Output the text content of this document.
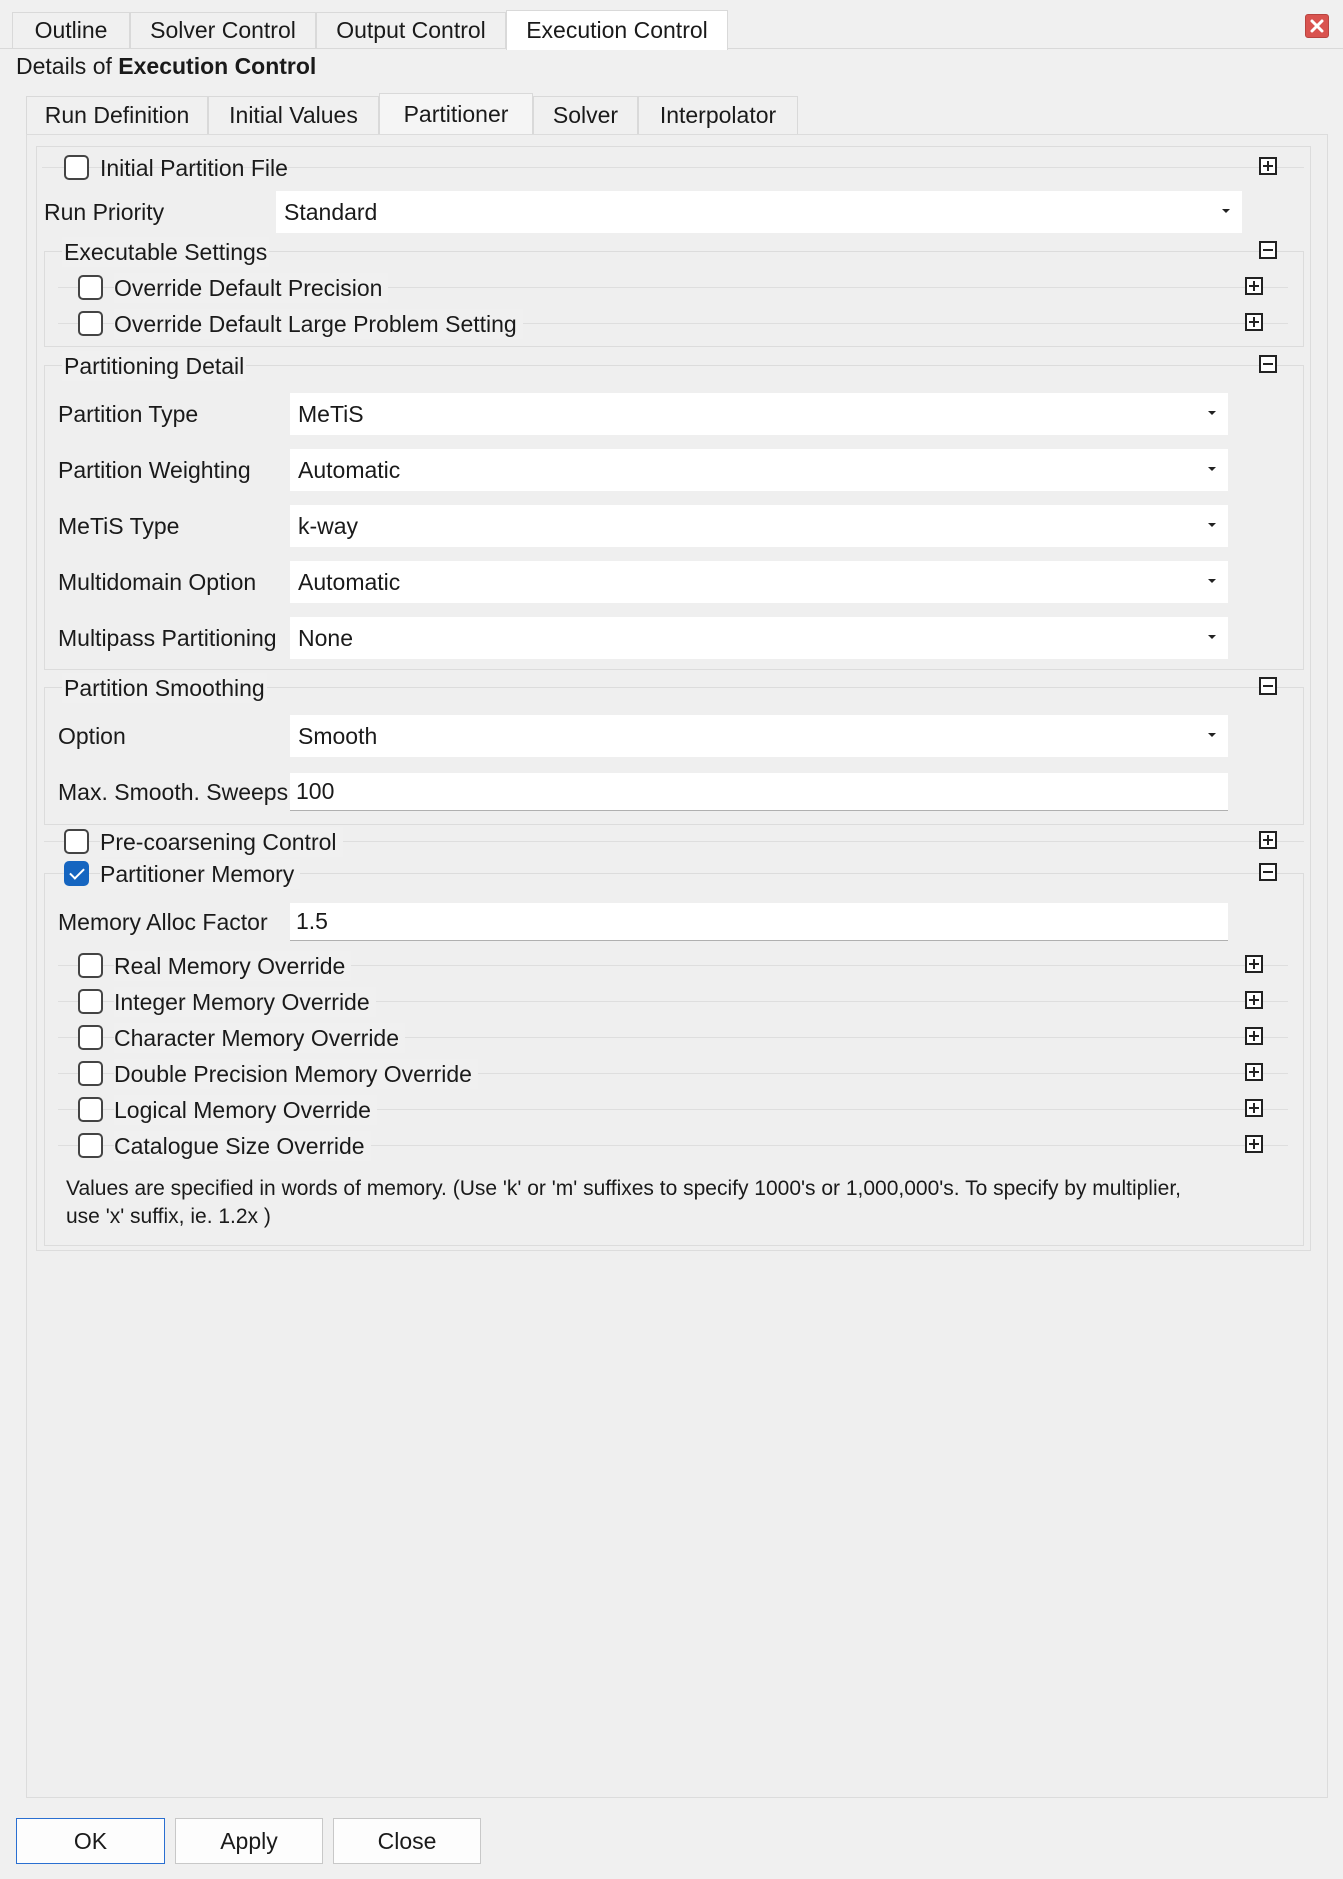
Outline Solver Control Output Control Execution Control
Details of Execution Control
Run Definition Initial Values Partitioner Solver Interpolator
Initial Partition File
Run Priority	Standard
Executable Settings
Override Default Precision
Override Default Large Problem Setting
Partitioning Detail
Partition Type	MeTiS
Partition Weighting Automatic
MeTiS Type	k-way
Multidomain Option Automatic
Multipass Partitioning None
Partition Smoothing
Option	Smooth
Max. Smooth. Sweeps 100
Pre-coarsening Control
Partitioner Memory
Memory Alloc Factor 1.5
Real Memory Override
Integer Memory Override
Character Memory Override
Double Precision Memory Override
Logical Memory Override
Catalogue Size Override
Values are specified in words of memory. (Use 'k' or 'm' suffixes to specify 1000's or 1,000,000's. To specify by multiplier,
use 'x' suffix, ie. 1.2x )
OK	Apply	Close
